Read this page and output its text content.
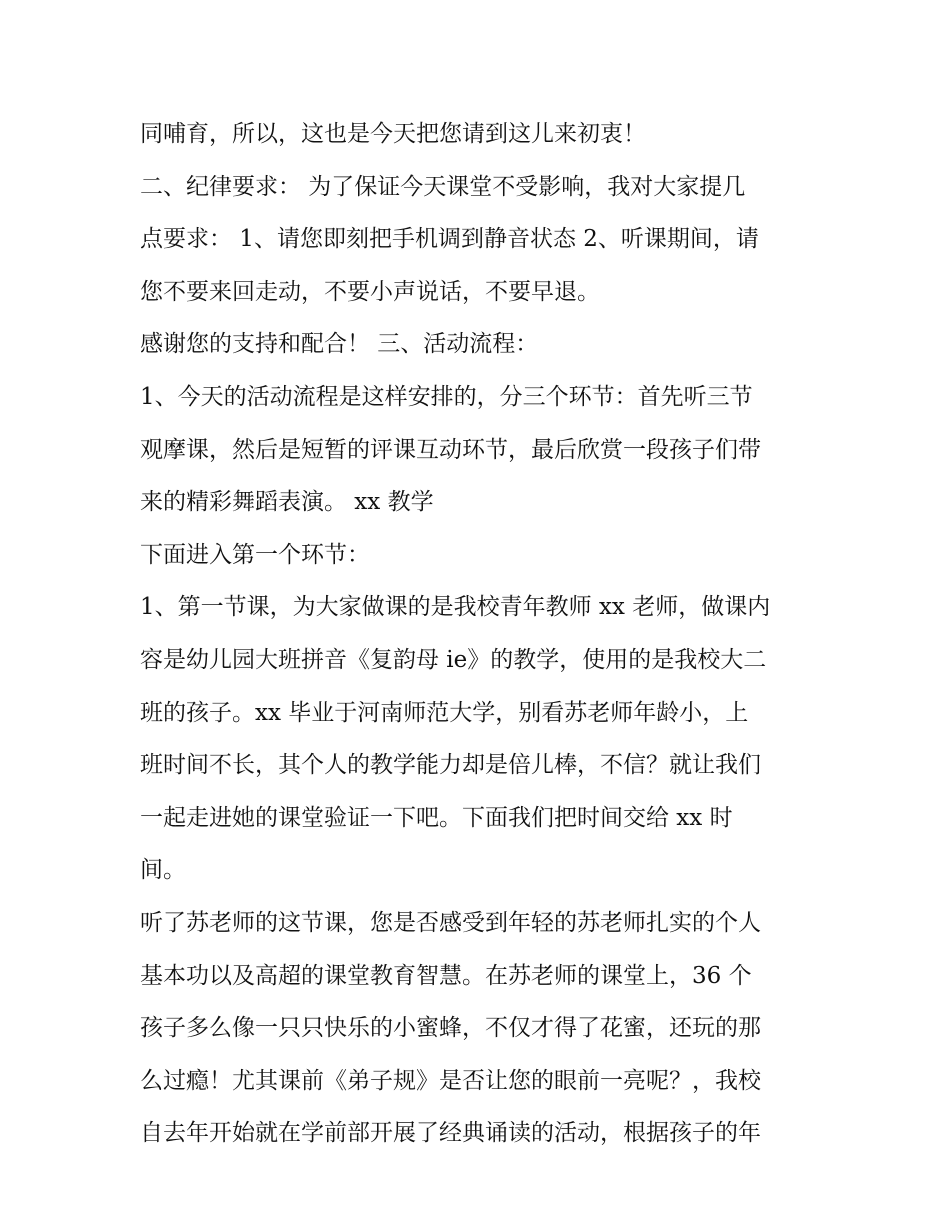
同哺育，所以，这也是今天把您请到这儿来初衷！
二、纪律要求： 为了保证今天课堂不受影响，我对大家提几
点要求： 1、请您即刻把手机调到静音状态 2、听课期间，请
您不要来回走动，不要小声说话，不要早退。
感谢您的支持和配合！ 三、活动流程：
1、今天的活动流程是这样安排的，分三个环节：首先听三节
观摩课，然后是短暂的评课互动环节，最后欣赏一段孩子们带
来的精彩舞蹈表演。 xx 教学
下面进入第一个环节：
1、第一节课，为大家做课的是我校青年教师 xx 老师，做课内
容是幼儿园大班拼音《复韵母 ie》的教学，使用的是我校大二
班的孩子。xx 毕业于河南师范大学，别看苏老师年龄小，上
班时间不长，其个人的教学能力却是倍儿棒，不信？就让我们
一起走进她的课堂验证一下吧。下面我们把时间交给 xx 时
间。
听了苏老师的这节课，您是否感受到年轻的苏老师扎实的个人
基本功以及高超的课堂教育智慧。在苏老师的课堂上，36 个
孩子多么像一只只快乐的小蜜蜂，不仅才得了花蜜，还玩的那
么过瘾！尤其课前《弟子规》是否让您的眼前一亮呢？，我校
自去年开始就在学前部开展了经典诵读的活动，根据孩子的年
